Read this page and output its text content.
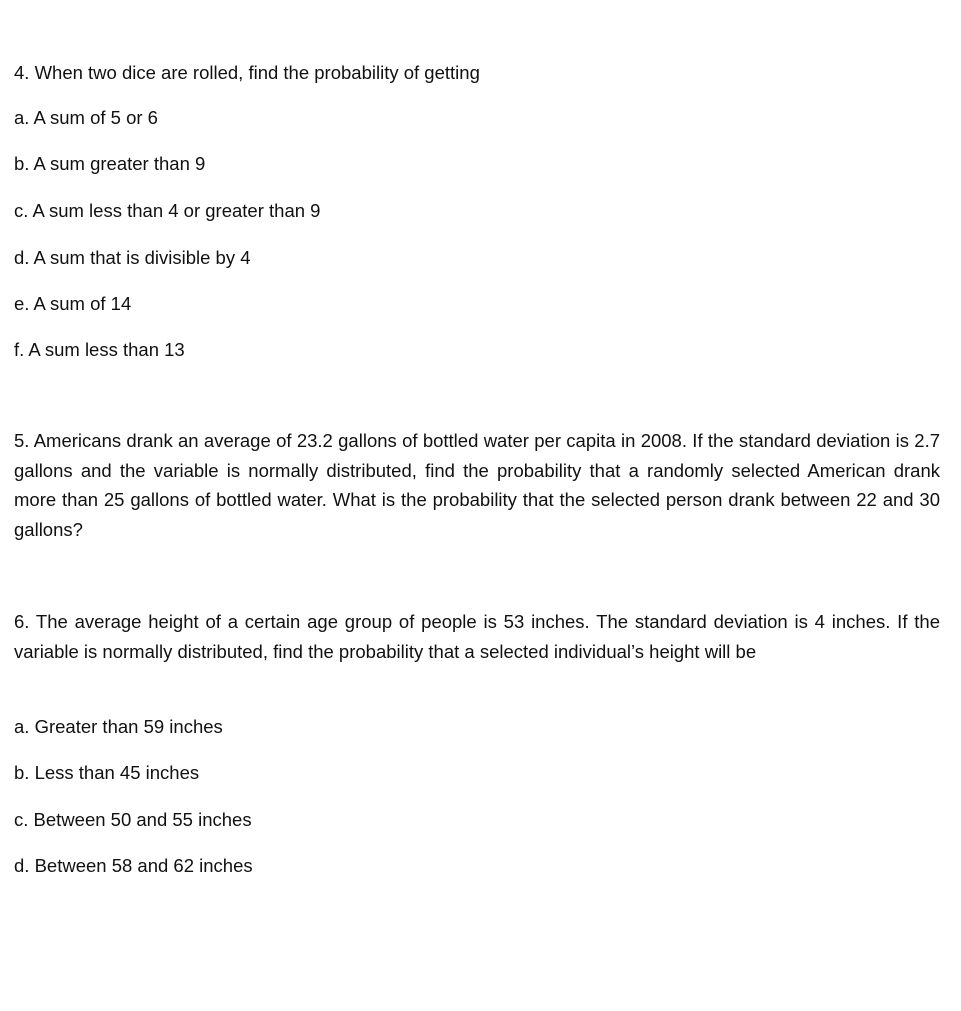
4. When two dice are rolled, find the probability of getting
a. A sum of 5 or 6
b. A sum greater than 9
c. A sum less than 4 or greater than 9
d. A sum that is divisible by 4
e. A sum of 14
f. A sum less than 13
5. Americans drank an average of 23.2 gallons of bottled water per capita in 2008. If the standard deviation is 2.7 gallons and the variable is normally distributed, find the probability that a randomly selected American drank more than 25 gallons of bottled water. What is the probability that the selected person drank between 22 and 30 gallons?
6. The average height of a certain age group of people is 53 inches. The standard deviation is 4 inches. If the variable is normally distributed, find the probability that a selected individual’s height will be
a. Greater than 59 inches
b. Less than 45 inches
c. Between 50 and 55 inches
d. Between 58 and 62 inches
